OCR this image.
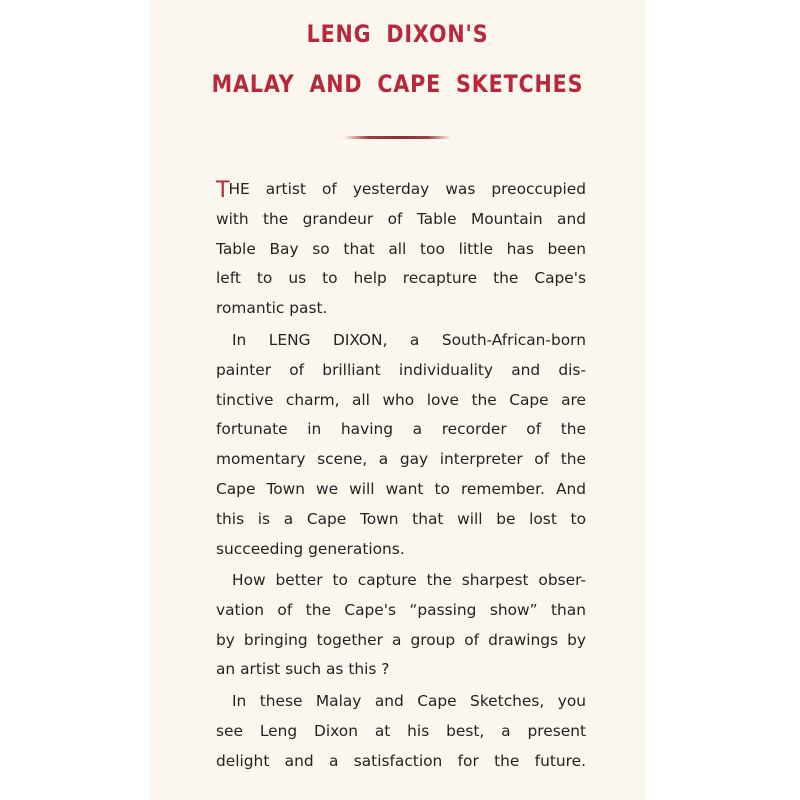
LENG DIXON'S
MALAY AND CAPE SKETCHES
THE artist of yesterday was preoccupied
with the grandeur of Table Mountain and
Table Bay so that all too little has been
left to us to help recapture the Cape's
romantic past.
In LENG DIXON, a South-African-born
painter of brilliant individuality and dis-
tinctive charm, all who love the Cape are
fortunate in having a recorder of the
momentary scene, a gay interpreter of the
Cape Town we will want to remember. And
this is a Cape Town that will be lost to
succeeding generations.
How better to capture the sharpest obser-
vation of the Cape's “passing show” than
by bringing together a group of drawings by
an artist such as this ?
In these Malay and Cape Sketches, you
see Leng Dixon at his best, a present
delight and a satisfaction for the future.
